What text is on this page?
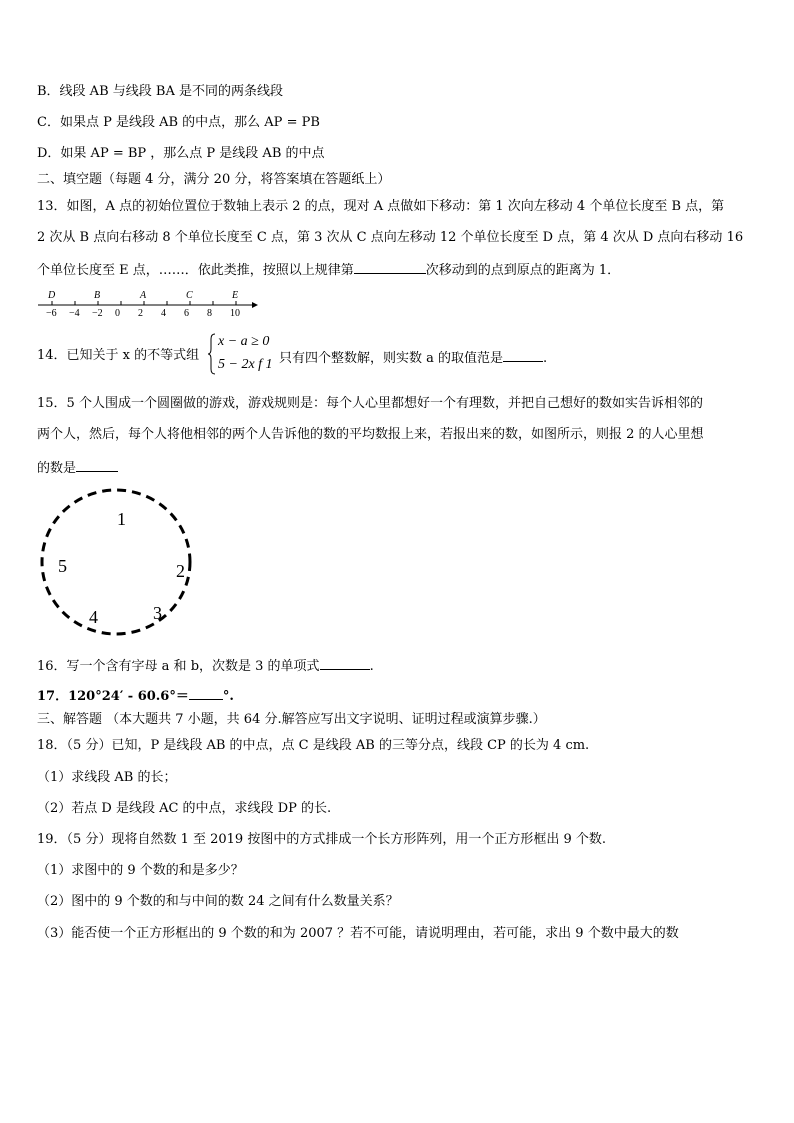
B．线段 AB 与线段 BA 是不同的两条线段
C．如果点 P 是线段 AB 的中点，那么 AP = PB
D．如果 AP = BP ，那么点 P 是线段 AB 的中点
二、填空题（每题 4 分，满分 20 分，将答案填在答题纸上）
13．如图，A 点的初始位置位于数轴上表示 2 的点，现对 A 点做如下移动：第 1 次向左移动 4 个单位长度至 B 点，第
2 次从 B 点向右移动 8 个单位长度至 C 点，第 3 次从 C 点向左移动 12 个单位长度至 D 点，第 4 次从 D 点向右移动 16
个单位长度至 E 点，……．依此类推，按照以上规律第	次移动到的点到原点的距离为 1．
−6 −4 −2 0 2 4 6 8 10
D	B	A	C	E
14．已知关于 x 的不等式组
x − a ≥ 0
5 − 2x f 1 只有四个整数解，则实数 a 的取值范是	.
15．5 个人围成一个圆圈做的游戏，游戏规则是：每个人心里都想好一个有理数，并把自己想好的数如实告诉相邻的
两个人，然后，每个人将他相邻的两个人告诉他的数的平均数报上来，若报出来的数，如图所示，则报 2 的人心里想
的数是
1
2
3
4
5
16．写一个含有字母 a 和 b，次数是 3 的单项式	.
17．120°24′ - 60.6°＝	°.
三、解答题 （本大题共 7 小题，共 64 分.解答应写出文字说明、证明过程或演算步骤.）
18．（5 分）已知，P 是线段 AB 的中点，点 C 是线段 AB 的三等分点，线段 CP 的长为 4 cm.
（1）求线段 AB 的长；
（2）若点 D 是线段 AC 的中点，求线段 DP 的长.
19．（5 分）现将自然数 1 至 2019 按图中的方式排成一个长方形阵列，用一个正方形框出 9 个数.
（1）求图中的 9 个数的和是多少？
（2）图中的 9 个数的和与中间的数 24 之间有什么数量关系？
（3）能否使一个正方形框出的 9 个数的和为 2007 ？若不可能，请说明理由，若可能，求出 9 个数中最大的数
